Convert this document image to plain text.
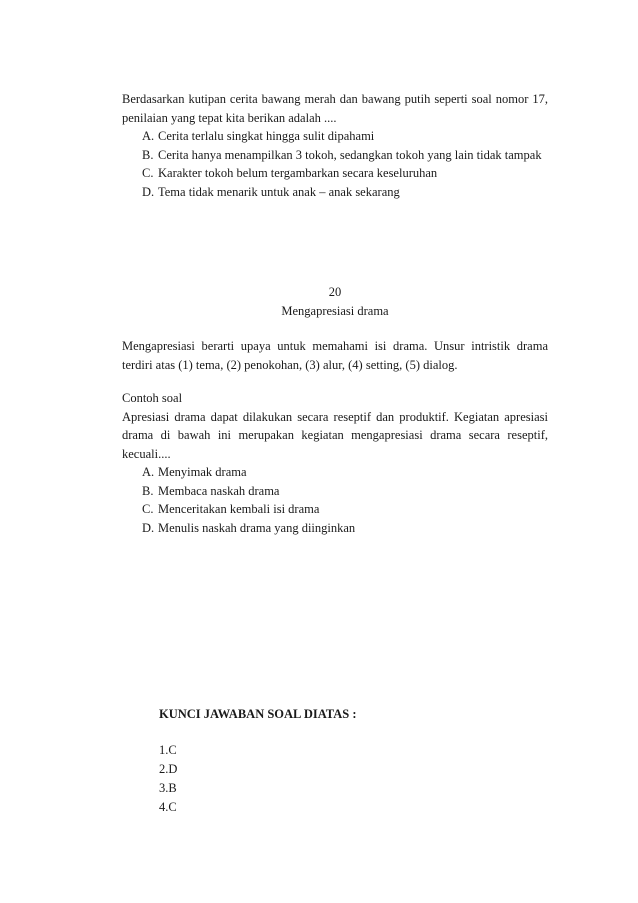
Berdasarkan kutipan cerita bawang merah dan bawang putih seperti soal nomor 17, penilaian yang tepat kita berikan adalah ....
A. Cerita terlalu singkat hingga sulit dipahami
B. Cerita hanya menampilkan 3 tokoh, sedangkan tokoh yang lain tidak tampak
C. Karakter tokoh belum tergambarkan secara keseluruhan
D. Tema tidak menarik untuk anak – anak sekarang
20
Mengapresiasi drama
Mengapresiasi berarti upaya untuk memahami isi drama. Unsur intristik drama terdiri atas (1) tema, (2) penokohan, (3) alur, (4) setting, (5) dialog.
Contoh soal
Apresiasi drama dapat dilakukan secara reseptif dan produktif. Kegiatan apresiasi drama di bawah ini merupakan kegiatan mengapresiasi drama secara reseptif, kecuali....
A. Menyimak drama
B. Membaca naskah drama
C. Menceritakan kembali isi drama
D. Menulis naskah drama yang diinginkan
KUNCI JAWABAN SOAL DIATAS :
1.C
2.D
3.B
4.C
